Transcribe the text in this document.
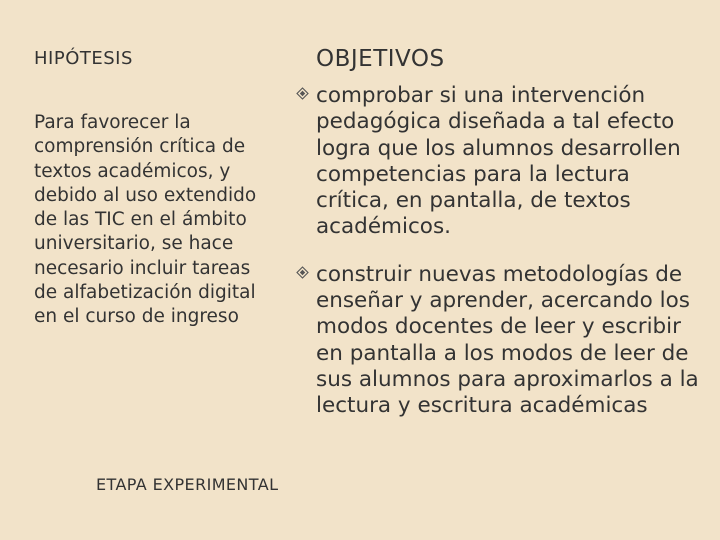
HIPÓTESIS
Para favorecer la comprensión crítica de textos académicos, y debido al uso extendido de las TIC en el ámbito universitario, se hace necesario incluir tareas de alfabetización digital en el curso de ingreso
OBJETIVOS
comprobar si una intervención pedagógica diseñada a tal efecto logra que los alumnos desarrollen competencias para la lectura crítica, en pantalla, de textos académicos.
construir nuevas metodologías de enseñar y aprender, acercando los modos docentes de leer y escribir en pantalla a los modos de leer de sus alumnos para aproximarlos a la lectura y escritura académicas
ETAPA EXPERIMENTAL
